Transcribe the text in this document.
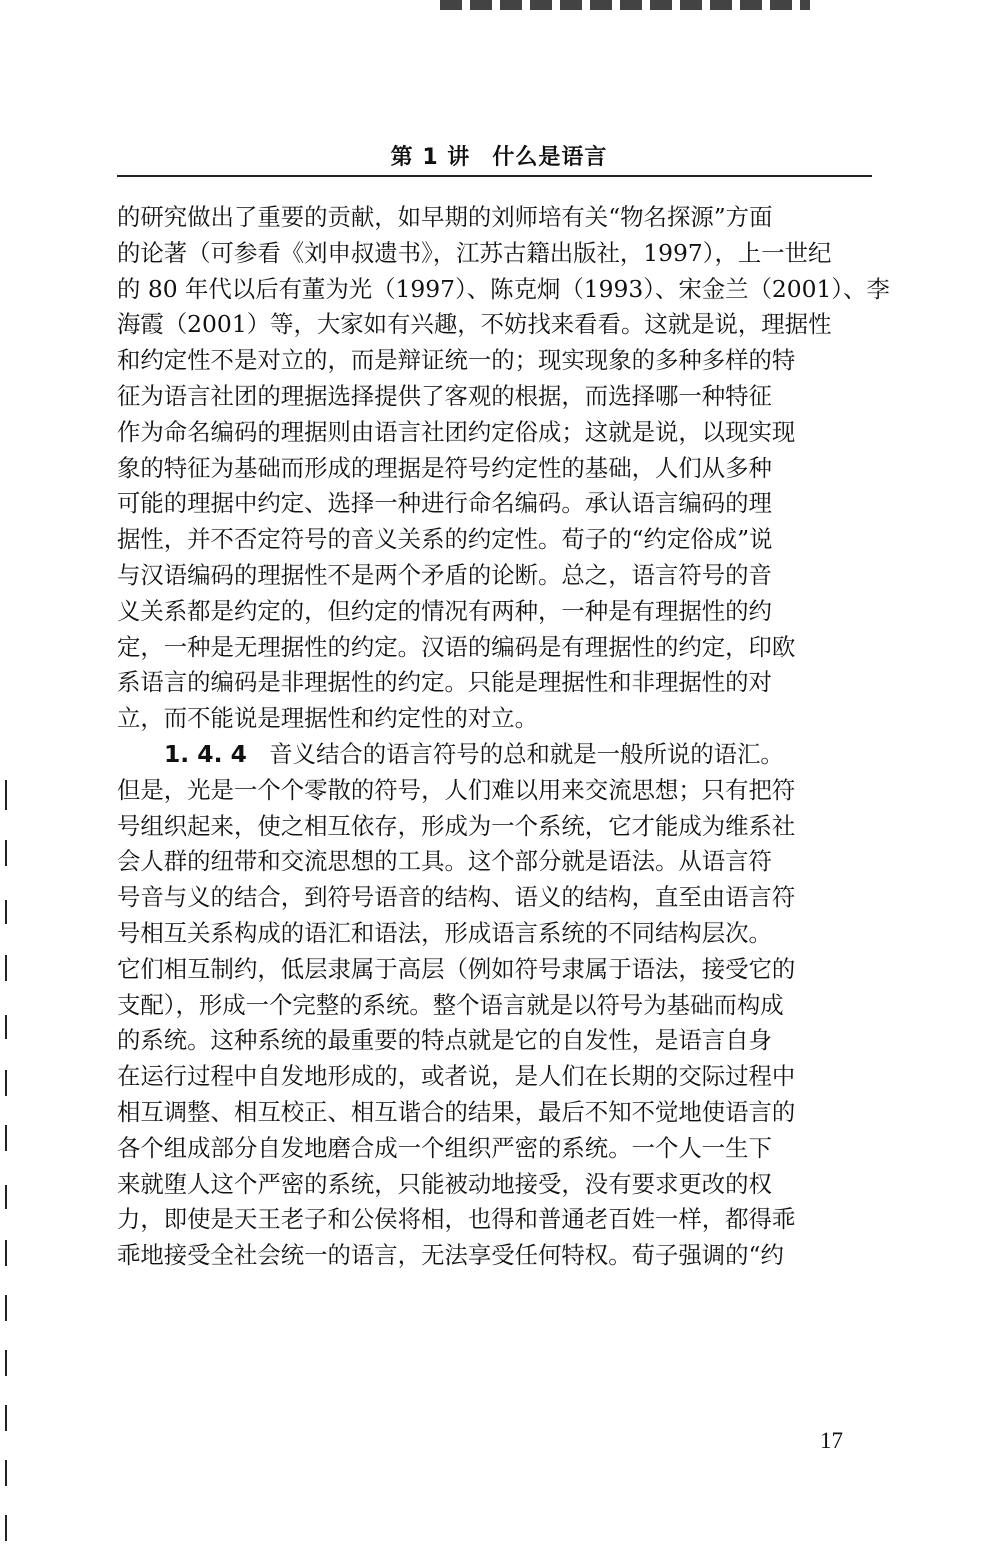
第 1 讲 什么是语言
的研究做出了重要的贡献，如早期的刘师培有关“物名探源”方面
的论著（可参看《刘申叔遗书》，江苏古籍出版社，1997），上一世纪
的 80 年代以后有董为光（1997）、陈克炯（1993）、宋金兰（2001）、李
海霞（2001）等，大家如有兴趣，不妨找来看看。这就是说，理据性
和约定性不是对立的，而是辩证统一的；现实现象的多种多样的特
征为语言社团的理据选择提供了客观的根据，而选择哪一种特征
作为命名编码的理据则由语言社团约定俗成；这就是说，以现实现
象的特征为基础而形成的理据是符号约定性的基础，人们从多种
可能的理据中约定、选择一种进行命名编码。承认语言编码的理
据性，并不否定符号的音义关系的约定性。荀子的“约定俗成”说
与汉语编码的理据性不是两个矛盾的论断。总之，语言符号的音
义关系都是约定的，但约定的情况有两种，一种是有理据性的约
定，一种是无理据性的约定。汉语的编码是有理据性的约定，印欧
系语言的编码是非理据性的约定。只能是理据性和非理据性的对
立，而不能说是理据性和约定性的对立。
1. 4. 4 音义结合的语言符号的总和就是一般所说的语汇。
但是，光是一个个零散的符号，人们难以用来交流思想；只有把符
号组织起来，使之相互依存，形成为一个系统，它才能成为维系社
会人群的纽带和交流思想的工具。这个部分就是语法。从语言符
号音与义的结合，到符号语音的结构、语义的结构，直至由语言符
号相互关系构成的语汇和语法，形成语言系统的不同结构层次。
它们相互制约，低层隶属于高层（例如符号隶属于语法，接受它的
支配），形成一个完整的系统。整个语言就是以符号为基础而构成
的系统。这种系统的最重要的特点就是它的自发性，是语言自身
在运行过程中自发地形成的，或者说，是人们在长期的交际过程中
相互调整、相互校正、相互谐合的结果，最后不知不觉地使语言的
各个组成部分自发地磨合成一个组织严密的系统。一个人一生下
来就堕人这个严密的系统，只能被动地接受，没有要求更改的权
力，即使是天王老子和公侯将相，也得和普通老百姓一样，都得乖
乖地接受全社会统一的语言，无法享受任何特权。荀子强调的“约
17
